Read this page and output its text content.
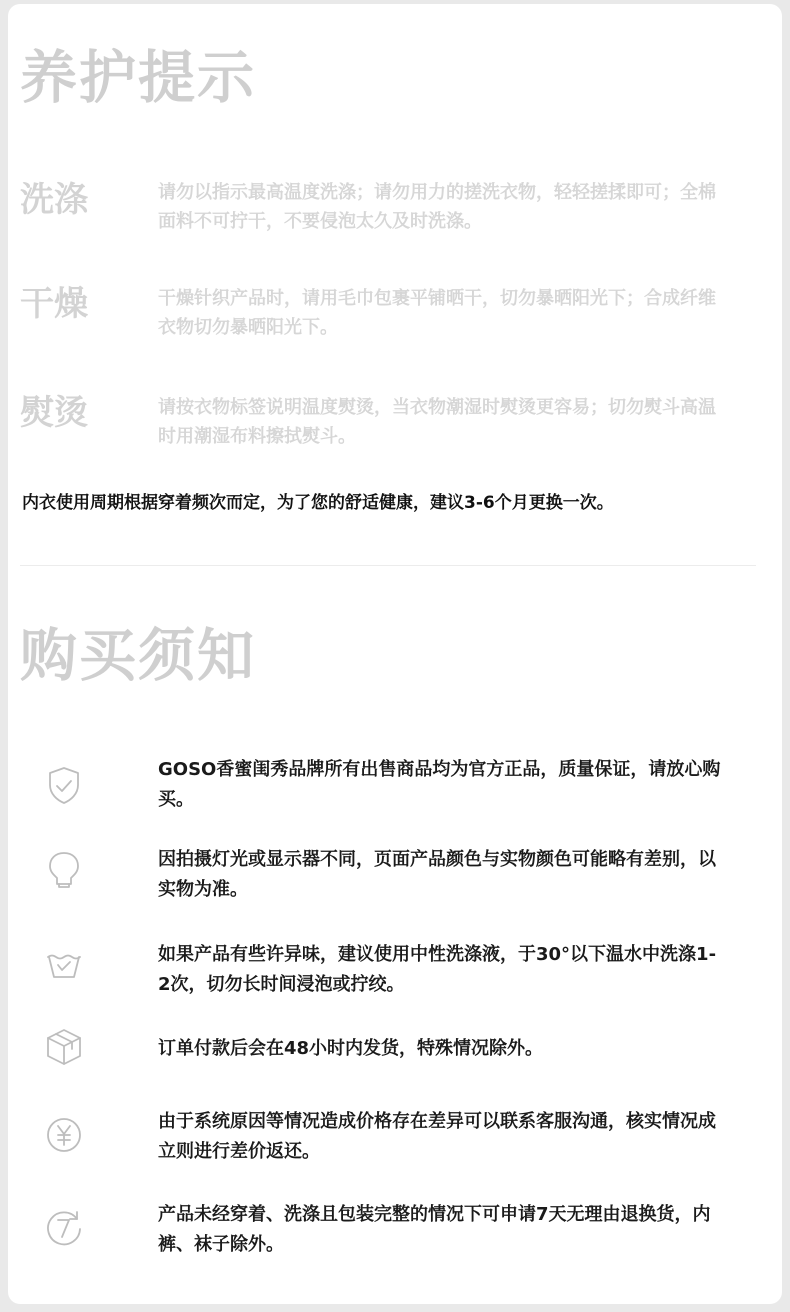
养护提示
洗涤	请勿以指示最高温度洗涤；请勿用力的搓洗衣物，轻轻搓揉即可；全棉面料不可拧干，不要侵泡太久及时洗涤。
干燥	干燥针织产品时，请用毛巾包裹平铺晒干，切勿暴晒阳光下；合成纤维衣物切勿暴晒阳光下。
熨烫	请按衣物标签说明温度熨烫，当衣物潮湿时熨烫更容易；切勿熨斗高温时用潮湿布料擦拭熨斗。
内衣使用周期根据穿着频次而定，为了您的舒适健康，建议3-6个月更换一次。
购买须知
GOSO香蜜闺秀品牌所有出售商品均为官方正品，质量保证，请放心购买。
因拍摄灯光或显示器不同，页面产品颜色与实物颜色可能略有差别，以实物为准。
如果产品有些许异味，建议使用中性洗涤液，于30°以下温水中洗涤1-2次，切勿长时间浸泡或拧绞。
订单付款后会在48小时内发货，特殊情况除外。
由于系统原因等情况造成价格存在差异可以联系客服沟通，核实情况成立则进行差价返还。
产品未经穿着、洗涤且包装完整的情况下可申请7天无理由退换货，内裤、袜子除外。
